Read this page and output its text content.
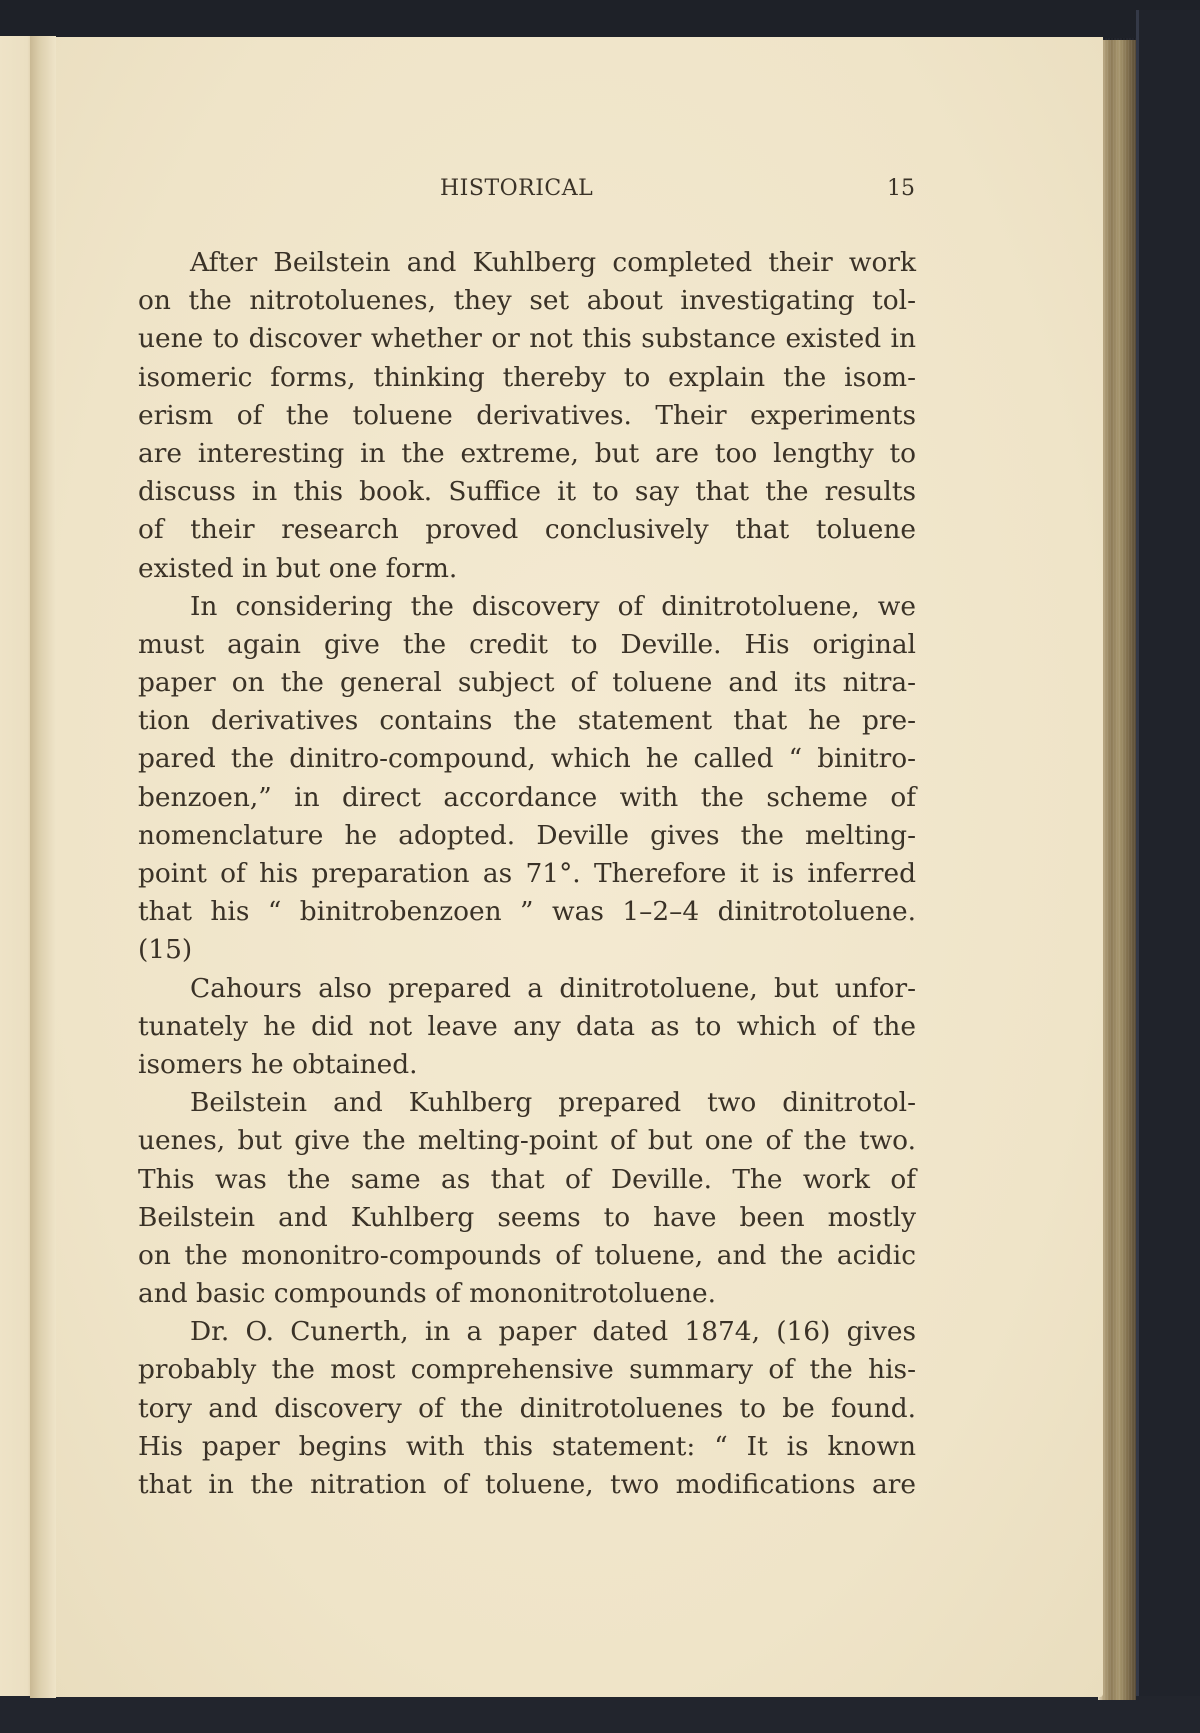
HISTORICAL	15
After Beilstein and Kuhlberg completed their work
on the nitrotoluenes, they set about investigating tol-
uene to discover whether or not this substance existed in
isomeric forms, thinking thereby to explain the isom-
erism of the toluene derivatives. Their experiments
are interesting in the extreme, but are too lengthy to
discuss in this book. Suffice it to say that the results
of their research proved conclusively that toluene
existed in but one form.
In considering the discovery of dinitrotoluene, we
must again give the credit to Deville. His original
paper on the general subject of toluene and its nitra-
tion derivatives contains the statement that he pre-
pared the dinitro-compound, which he called “ binitro-
benzoen,” in direct accordance with the scheme of
nomenclature he adopted. Deville gives the melting-
point of his preparation as 71°. Therefore it is inferred
that his “ binitrobenzoen ” was 1–2–4 dinitrotoluene.
(15)
Cahours also prepared a dinitrotoluene, but unfor-
tunately he did not leave any data as to which of the
isomers he obtained.
Beilstein and Kuhlberg prepared two dinitrotol-
uenes, but give the melting-point of but one of the two.
This was the same as that of Deville. The work of
Beilstein and Kuhlberg seems to have been mostly
on the mononitro-compounds of toluene, and the acidic
and basic compounds of mononitrotoluene.
Dr. O. Cunerth, in a paper dated 1874, (16) gives
probably the most comprehensive summary of the his-
tory and discovery of the dinitrotoluenes to be found.
His paper begins with this statement: “ It is known
that in the nitration of toluene, two modifications are
